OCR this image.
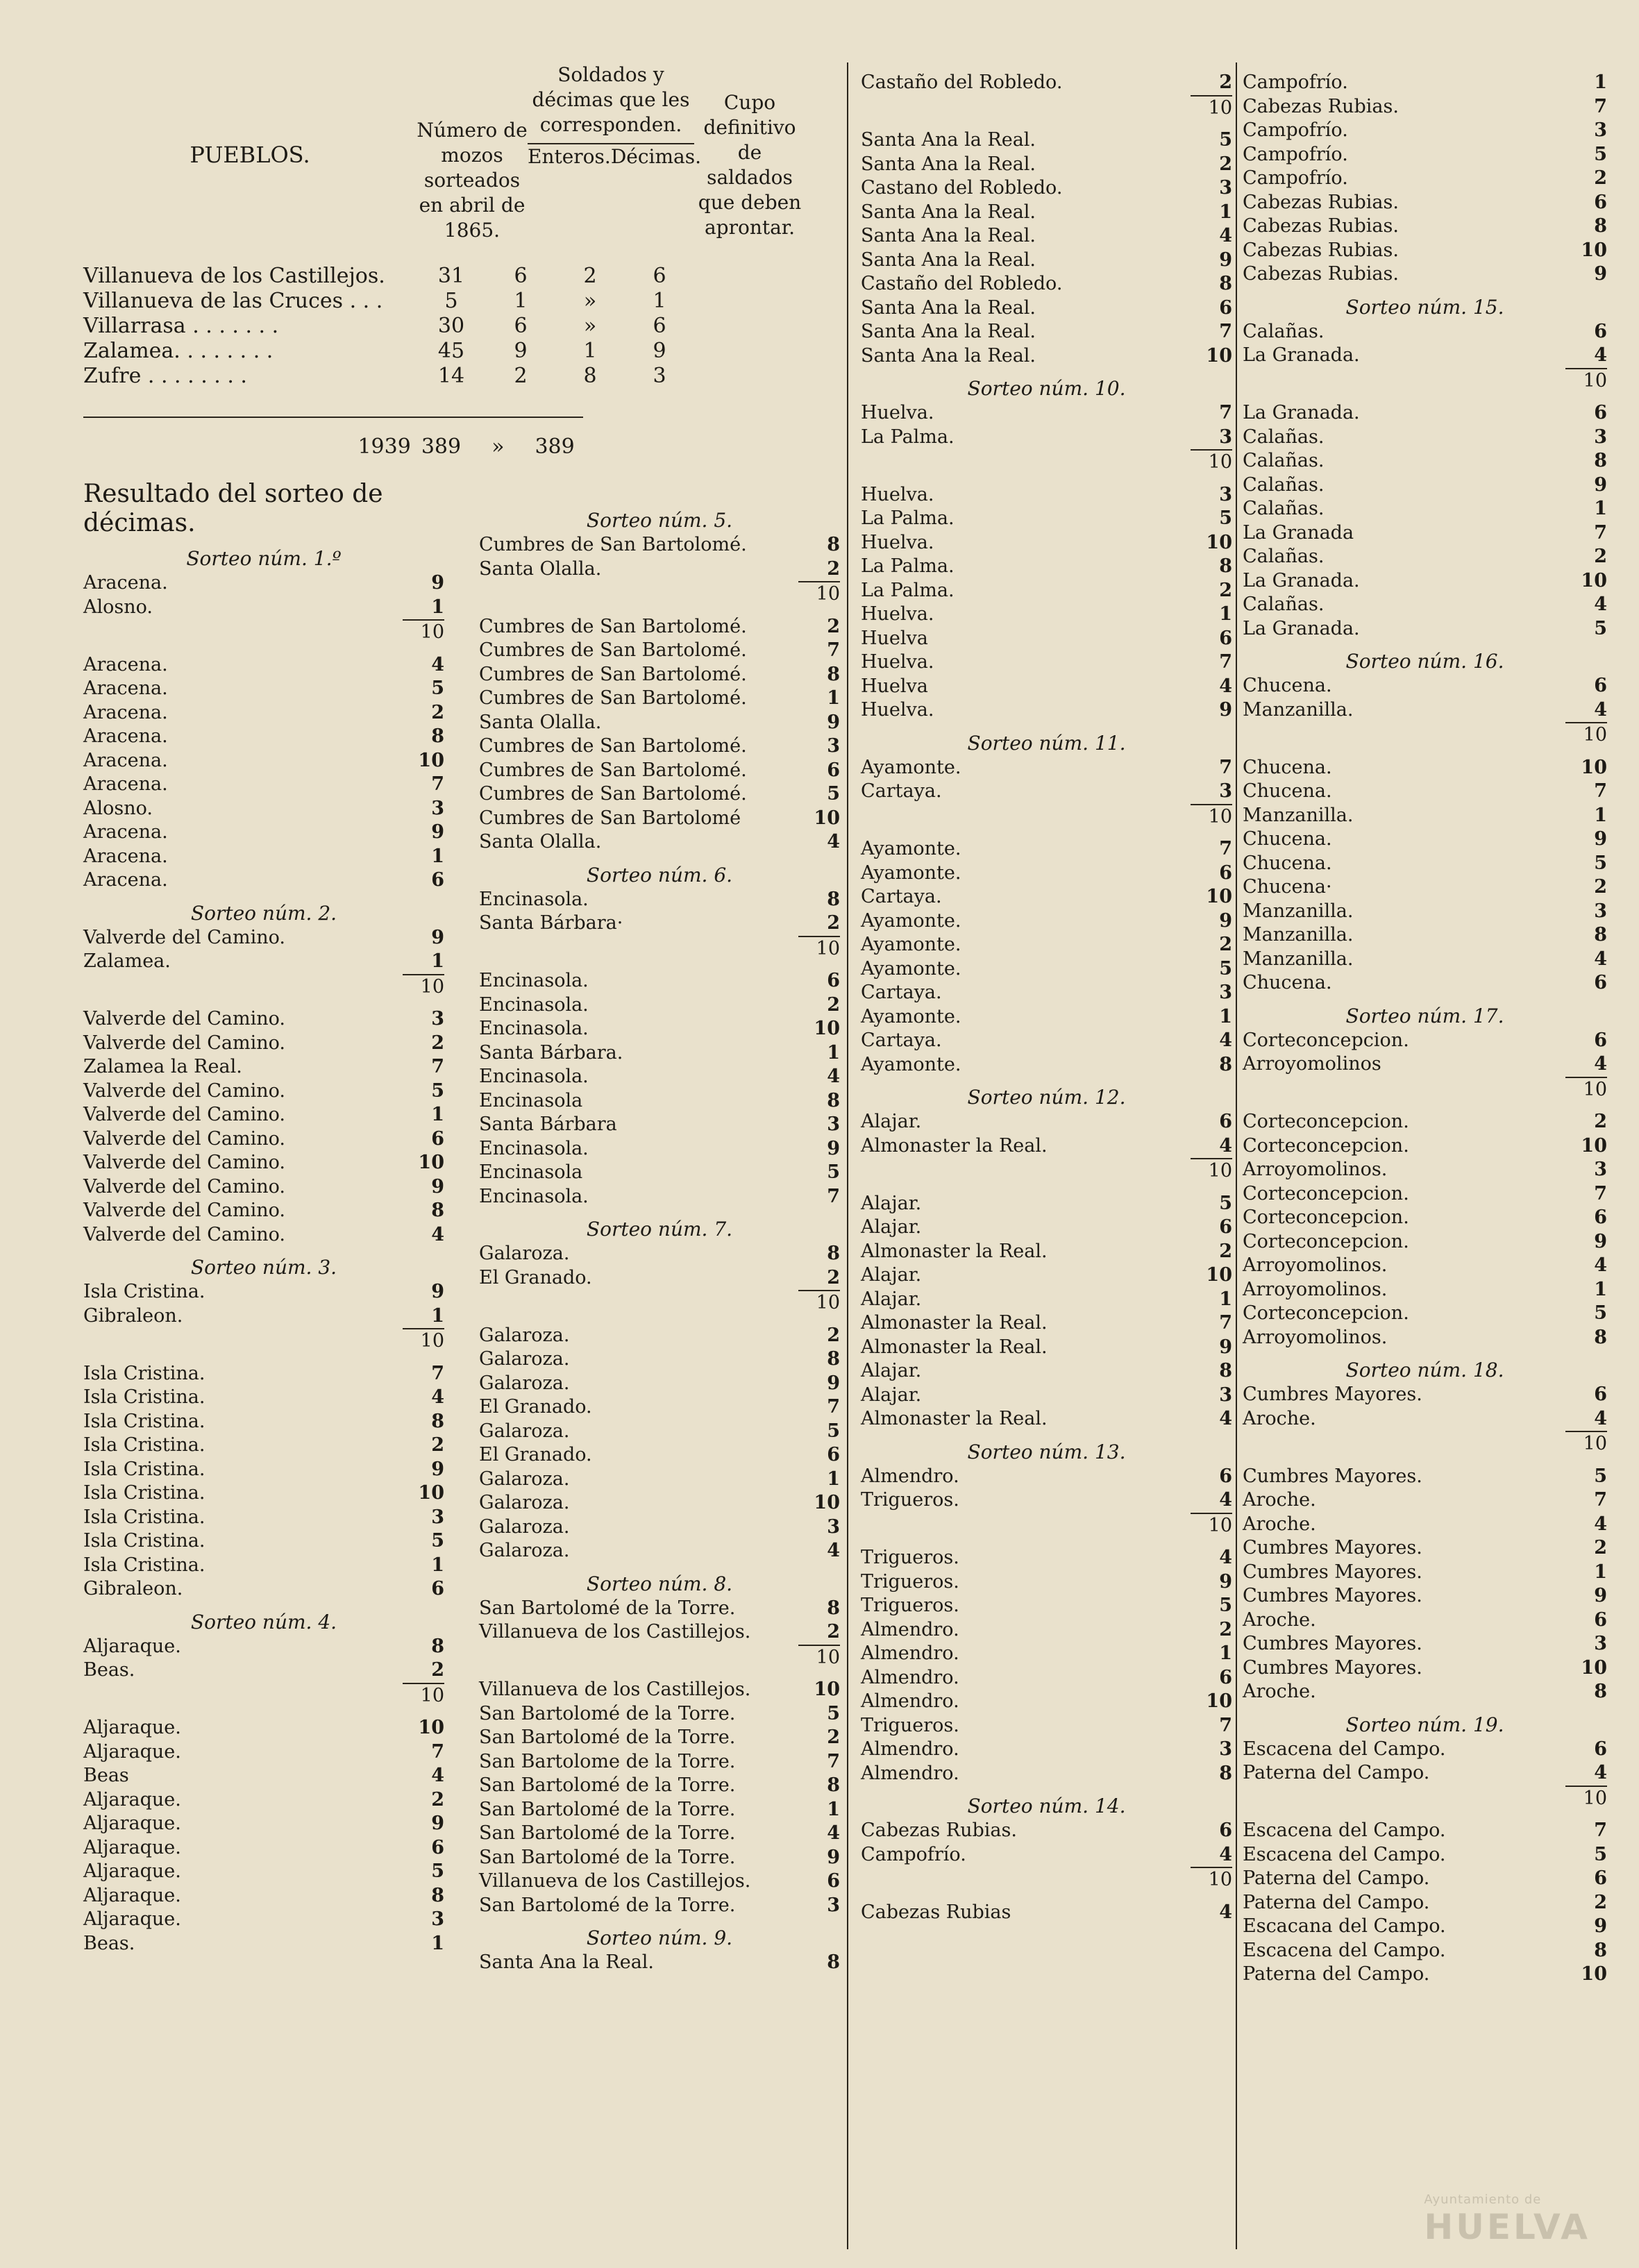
PUEBLOS.
Número de mozos sorteados en abril de 1865.
Soldados y décimas que les corresponden.
Enteros. Décimas.
Cupo definitivo de saldados que deben aprontar.
Villanueva de los Castillejos.	31	6	2	6
Villanueva de las Cruces . . .	5	1	»	1
Villarrasa . . . . . . .	30	6	»	6
Zalamea. . . . . . . .	45	9	1	9
Zufre . . . . . . . .	14	2	8	3
1939 389	»	389
Resultado del sorteo de décimas.
Sorteo núm. 1.º
Aracena.	9
Alosno.	1
10
Aracena.	4
Aracena.	5
Aracena.	2
Aracena.	8
Aracena.	10
Aracena.	7
Alosno.	3
Aracena.	9
Aracena.	1
Aracena.	6
Sorteo núm. 2.
Valverde del Camino.	9
Zalamea.	1
10
Valverde del Camino.	3
Valverde del Camino.	2
Zalamea la Real.	7
Valverde del Camino.	5
Valverde del Camino.	1
Valverde del Camino.	6
Valverde del Camino.	10
Valverde del Camino.	9
Valverde del Camino.	8
Valverde del Camino.	4
Sorteo núm. 3.
Isla Cristina.	9
Gibraleon.	1
10
Isla Cristina.	7
Isla Cristina.	4
Isla Cristina.	8
Isla Cristina.	2
Isla Cristina.	9
Isla Cristina.	10
Isla Cristina.	3
Isla Cristina.	5
Isla Cristina.	1
Gibraleon.	6
Sorteo núm. 4.
Aljaraque.	8
Beas.	2
10
Aljaraque.	10
Aljaraque.	7
Beas	4
Aljaraque.	2
Aljaraque.	9
Aljaraque.	6
Aljaraque.	5
Aljaraque.	8
Aljaraque.	3
Beas.	1
Sorteo núm. 5.
Cumbres de San Bartolomé.	8
Santa Olalla.	2
10
Cumbres de San Bartolomé.	2
Cumbres de San Bartolomé.	7
Cumbres de San Bartolomé.	8
Cumbres de San Bartolomé.	1
Santa Olalla.	9
Cumbres de San Bartolomé.	3
Cumbres de San Bartolomé.	6
Cumbres de San Bartolomé.	5
Cumbres de San Bartolomé	10
Santa Olalla.	4
Sorteo núm. 6.
Encinasola.	8
Santa Bárbara·	2
10
Encinasola.	6
Encinasola.	2
Encinasola.	10
Santa Bárbara.	1
Encinasola.	4
Encinasola	8
Santa Bárbara	3
Encinasola.	9
Encinasola	5
Encinasola.	7
Sorteo núm. 7.
Galaroza.	8
El Granado.	2
10
Galaroza.	2
Galaroza.	8
Galaroza.	9
El Granado.	7
Galaroza.	5
El Granado.	6
Galaroza.	1
Galaroza.	10
Galaroza.	3
Galaroza.	4
Sorteo núm. 8.
San Bartolomé de la Torre.	8
Villanueva de los Castillejos.	2
10
Villanueva de los Castillejos.	10
San Bartolomé de la Torre.	5
San Bartolomé de la Torre.	2
San Bartolome de la Torre.	7
San Bartolomé de la Torre.	8
San Bartolomé de la Torre.	1
San Bartolomé de la Torre.	4
San Bartolomé de la Torre.	9
Villanueva de los Castillejos.	6
San Bartolomé de la Torre.	3
Sorteo núm. 9.
Santa Ana la Real.	8
Castaño del Robledo.	2
10
Santa Ana la Real.	5
Santa Ana la Real.	2
Castano del Robledo.	3
Santa Ana la Real.	1
Santa Ana la Real.	4
Santa Ana la Real.	9
Castaño del Robledo.	8
Santa Ana la Real.	6
Santa Ana la Real.	7
Santa Ana la Real.	10
Sorteo núm. 10.
Huelva.	7
La Palma.	3
10
Huelva.	3
La Palma.	5
Huelva.	10
La Palma.	8
La Palma.	2
Huelva.	1
Huelva	6
Huelva.	7
Huelva	4
Huelva.	9
Sorteo núm. 11.
Ayamonte.	7
Cartaya.	3
10
Ayamonte.	7
Ayamonte.	6
Cartaya.	10
Ayamonte.	9
Ayamonte.	2
Ayamonte.	5
Cartaya.	3
Ayamonte.	1
Cartaya.	4
Ayamonte.	8
Sorteo núm. 12.
Alajar.	6
Almonaster la Real.	4
10
Alajar.	5
Alajar.	6
Almonaster la Real.	2
Alajar.	10
Alajar.	1
Almonaster la Real.	7
Almonaster la Real.	9
Alajar.	8
Alajar.	3
Almonaster la Real.	4
Sorteo núm. 13.
Almendro.	6
Trigueros.	4
10
Trigueros.	4
Trigueros.	9
Trigueros.	5
Almendro.	2
Almendro.	1
Almendro.	6
Almendro.	10
Trigueros.	7
Almendro.	3
Almendro.	8
Sorteo núm. 14.
Cabezas Rubias.	6
Campofrío.	4
10
Cabezas Rubias	4
Campofrío.	1
Cabezas Rubias.	7
Campofrío.	3
Campofrío.	5
Campofrío.	2
Cabezas Rubias.	6
Cabezas Rubias.	8
Cabezas Rubias.	10
Cabezas Rubias.	9
Sorteo núm. 15.
Calañas.	6
La Granada.	4
10
La Granada.	6
Calañas.	3
Calañas.	8
Calañas.	9
Calañas.	1
La Granada	7
Calañas.	2
La Granada.	10
Calañas.	4
La Granada.	5
Sorteo núm. 16.
Chucena.	6
Manzanilla.	4
10
Chucena.	10
Chucena.	7
Manzanilla.	1
Chucena.	9
Chucena.	5
Chucena·	2
Manzanilla.	3
Manzanilla.	8
Manzanilla.	4
Chucena.	6
Sorteo núm. 17.
Corteconcepcion.	6
Arroyomolinos	4
10
Corteconcepcion.	2
Corteconcepcion.	10
Arroyomolinos.	3
Corteconcepcion.	7
Corteconcepcion.	6
Corteconcepcion.	9
Arroyomolinos.	4
Arroyomolinos.	1
Corteconcepcion.	5
Arroyomolinos.	8
Sorteo núm. 18.
Cumbres Mayores.	6
Aroche.	4
10
Cumbres Mayores.	5
Aroche.	7
Aroche.	4
Cumbres Mayores.	2
Cumbres Mayores.	1
Cumbres Mayores.	9
Aroche.	6
Cumbres Mayores.	3
Cumbres Mayores.	10
Aroche.	8
Sorteo núm. 19.
Escacena del Campo.	6
Paterna del Campo.	4
10
Escacena del Campo.	7
Escacena del Campo.	5
Paterna del Campo.	6
Paterna del Campo.	2
Escacana del Campo.	9
Escacena del Campo.	8
Paterna del Campo.	10
Ayuntamiento de
HUELVA
